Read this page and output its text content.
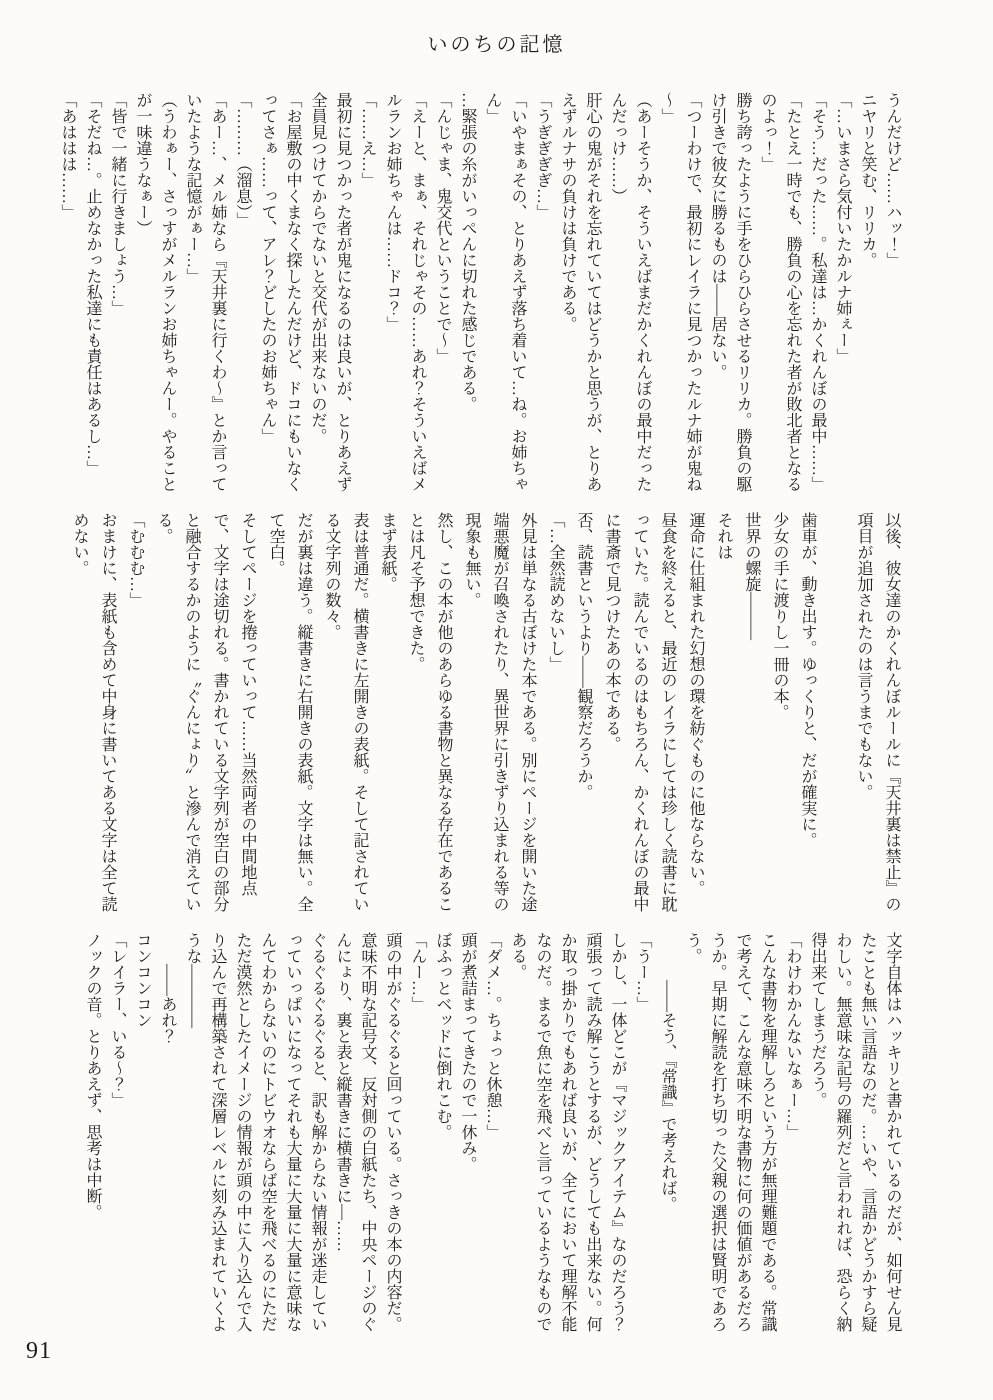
いのちの記憶

うんだけど……ハッ！」

ニヤリと笑む、リリカ。

「…いまさら気付いたかルナ姉ぇー」

「そう…だった……。私達は…かくれんぼの最中……」

「たとえ一時でも、勝負の心を忘れた者が敗北者となるのよっ！」

勝ち誇ったように手をひらひらさせるリリカ。勝負の駆け引きで彼女に勝るものは――居ない。

「つーわけで、最初にレイラに見つかったルナ姉が鬼ね～」

（あーそうか、そういえばまだかくれんぼの最中だったんだっけ……）

肝心の鬼がそれを忘れていてはどうかと思うが、とりあえずルナサの負けは負けである。

「うぎぎぎぎ…」

「いやまぁその、とりあえず落ち着いて…ね。お姉ちゃん」

…緊張の糸がいっぺんに切れた感じである。

「んじゃま、鬼交代ということで～」

「えーと、まぁ、それじゃその……あれ？そういえばメルランお姉ちゃんは……ドコ？」

「……え…」

最初に見つかった者が鬼になるのは良いが、とりあえず全員見つけてからでないと交代が出来ないのだ。

「お屋敷の中くまなく探したんだけど、ドコにもいなくってさぁ……って、アレ？どしたのお姉ちゃん」

「………（溜息）」

「あー…、メル姉なら『天井裏に行くわ～』とか言っていたような記憶がぁー…」

（うわぁー、さっすがメルランお姉ちゃんー。やることが一味違うなぁー）

「皆で一緒に行きましょう…」

「そだね…。止めなかった私達にも責任はあるし…」

「あははは……」

以後、彼女達のかくれんぼルールに『天井裏は禁止』の項目が追加されたのは言うまでもない。

歯車が、動き出す。ゆっくりと、だが確実に。

少女の手に渡りし一冊の本。

世界の螺旋―――

それは

運命に仕組まれた幻想の環を紡ぐものに他ならない。

昼食を終えると、最近のレイラにしては珍しく読書に耽っていた。読んでいるのはもちろん、かくれんぼの最中に書斎で見つけたあの本である。

否、読書というより――観察だろうか。

「…全然読めないし」

外見は単なる古ぼけた本である。別にページを開いた途端悪魔が召喚されたり、異世界に引きずり込まれる等の現象も無い。

然し、この本が他のあらゆる書物と異なる存在であることは凡そ予想できた。

まず表紙。

表は普通だ。横書きに左開きの表紙。そして記されている文字列の数々。

だが裏は違う。縦書きに右開きの表紙。文字は無い。全て空白。

そしてページを捲っていって……当然両者の中間地点で、文字は途切れる。書かれている文字列が空白の部分と融合するかのように〝ぐんにょり〟と滲んで消えている。

「むむむ…」

おまけに、表紙も含めて中身に書いてある文字は全て読めない。

文字自体はハッキリと書かれているのだが、如何せん見たことも無い言語なのだ。…いや、言語かどうかすら疑わしい。無意味な記号の羅列だと言われれば、恐らく納得出来てしまうだろう。

「わけわかんないなぁー…」

こんな書物を理解しろという方が無理難題である。常識で考えて、こんな意味不明な書物に何の価値があるだろうか。早期に解読を打ち切った父親の選択は賢明であろう。

　　　――そう、『常識』で考えれば。

「うー…」

しかし、一体どこが『マジックアイテム』なのだろう？頑張って読み解こうとするが、どうしても出来ない。何か取っ掛かりでもあれば良いが、全てにおいて理解不能なのだ。まるで魚に空を飛べと言っているようなものである。

「ダメ…。ちょっと休憩…」

頭が煮詰まってきたので一休み。

ぼふっとベッドに倒れこむ。

「んー…」

頭の中がぐるぐると回っている。さっきの本の内容だ。

意味不明な記号文、反対側の白紙たち、中央ページのぐんにょり、裏と表と縦書きに横書きに―……

ぐるぐるぐるぐると、訳も解からない情報が迷走していっていっぱいになってそれも大量に大量に大量に意味なんてわからないのにトビウオならば空を飛べるのにただただ漠然としたイメージの情報が頭の中に入り込んで入り込んで再構築されて深層レベルに刻み込まれていくような――――

　　――あれ？

コンコンコン

「レイラー、いる～？」

ノックの音。とりあえず、思考は中断。

91
